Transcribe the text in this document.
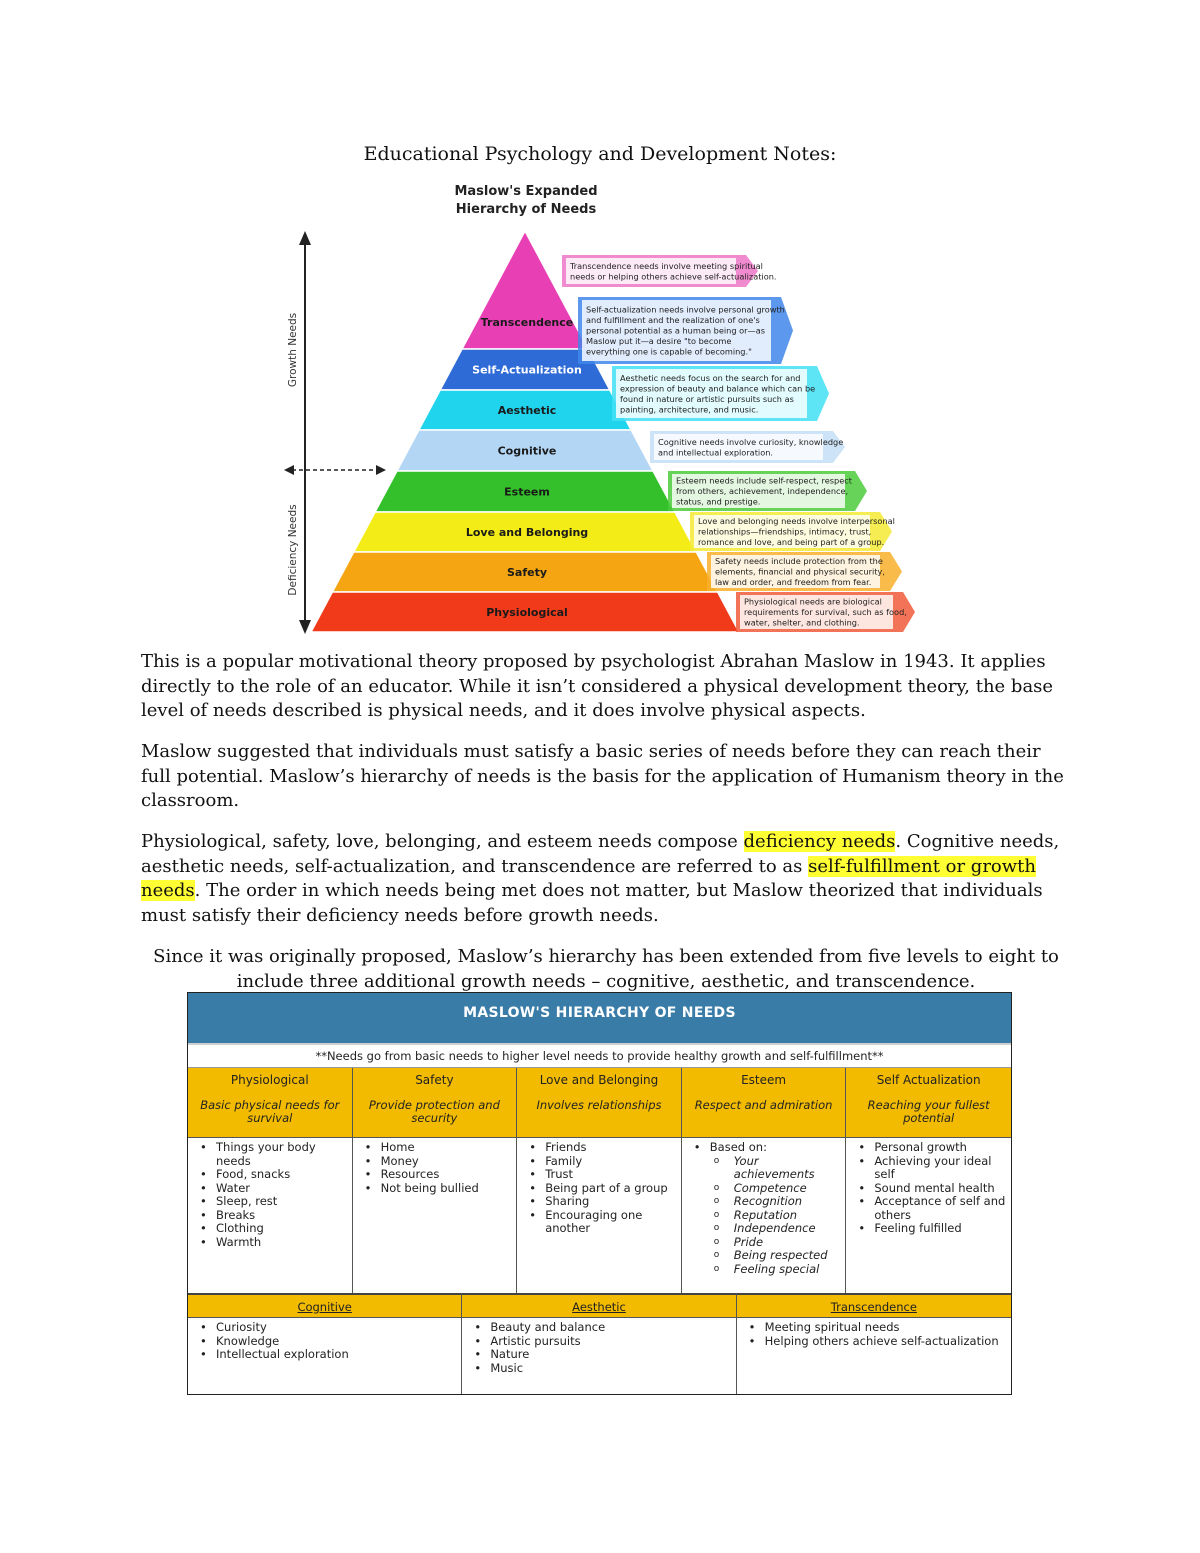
Educational Psychology and Development Notes:
Maslow's Expanded
Hierarchy of Needs
Transcendence
Self-Actualization
Aesthetic
Cognitive
Esteem
Love and Belonging
Safety
Physiological
Transcendence needs involve meeting spiritual
needs or helping others achieve self-actualization.
Self-actualization needs involve personal growth
and fulfillment and the realization of one's
personal potential as a human being or—as
Maslow put it—a desire "to become
everything one is capable of becoming."
Aesthetic needs focus on the search for and
expression of beauty and balance which can be
found in nature or artistic pursuits such as
painting, architecture, and music.
Cognitive needs involve curiosity, knowledge
and intellectual exploration.
Esteem needs include self-respect, respect
from others, achievement, independence,
status, and prestige.
Love and belonging needs involve interpersonal
relationships—friendships, intimacy, trust,
romance and love, and being part of a group.
Safety needs include protection from the
elements, financial and physical security,
law and order, and freedom from fear.
Physiological needs are biological
requirements for survival, such as food,
water, shelter, and clothing.
Growth Needs
Deficiency Needs

This is a popular motivational theory proposed by psychologist Abrahan Maslow in 1943. It applies directly to the role of an educator. While it isn’t considered a physical development theory, the base level of needs described is physical needs, and it does involve physical aspects.

Maslow suggested that individuals must satisfy a basic series of needs before they can reach their full potential. Maslow’s hierarchy of needs is the basis for the application of Humanism theory in the classroom.

Physiological, safety, love, belonging, and esteem needs compose deficiency needs. Cognitive needs, aesthetic needs, self-actualization, and transcendence are referred to as self-fulfillment or growth needs. The order in which needs being met does not matter, but Maslow theorized that individuals must satisfy their deficiency needs before growth needs.

Since it was originally proposed, Maslow’s hierarchy has been extended from five levels to eight to include three additional growth needs – cognitive, aesthetic, and transcendence.

MASLOW'S HIERARCHY OF NEEDS
**Needs go from basic needs to higher level needs to provide healthy growth and self-fulfillment**
Physiological
Basic physical needs for survival
Safety
Provide protection and security
Love and Belonging
Involves relationships
Esteem
Respect and admiration
Self Actualization
Reaching your fullest potential
• Things your body needs
• Food, snacks
• Water
• Sleep, rest
• Breaks
• Clothing
• Warmth
• Home
• Money
• Resources
• Not being bullied
• Friends
• Family
• Trust
• Being part of a group
• Sharing
• Encouraging one another
• Based on:
o Your achievements
o Competence
o Recognition
o Reputation
o Independence
o Pride
o Being respected
o Feeling special
• Personal growth
• Achieving your ideal self
• Sound mental health
• Acceptance of self and others
• Feeling fulfilled
Cognitive	Aesthetic	Transcendence
• Curiosity
• Knowledge
• Intellectual exploration
• Beauty and balance
• Artistic pursuits
• Nature
• Music
• Meeting spiritual needs
• Helping others achieve self-actualization
